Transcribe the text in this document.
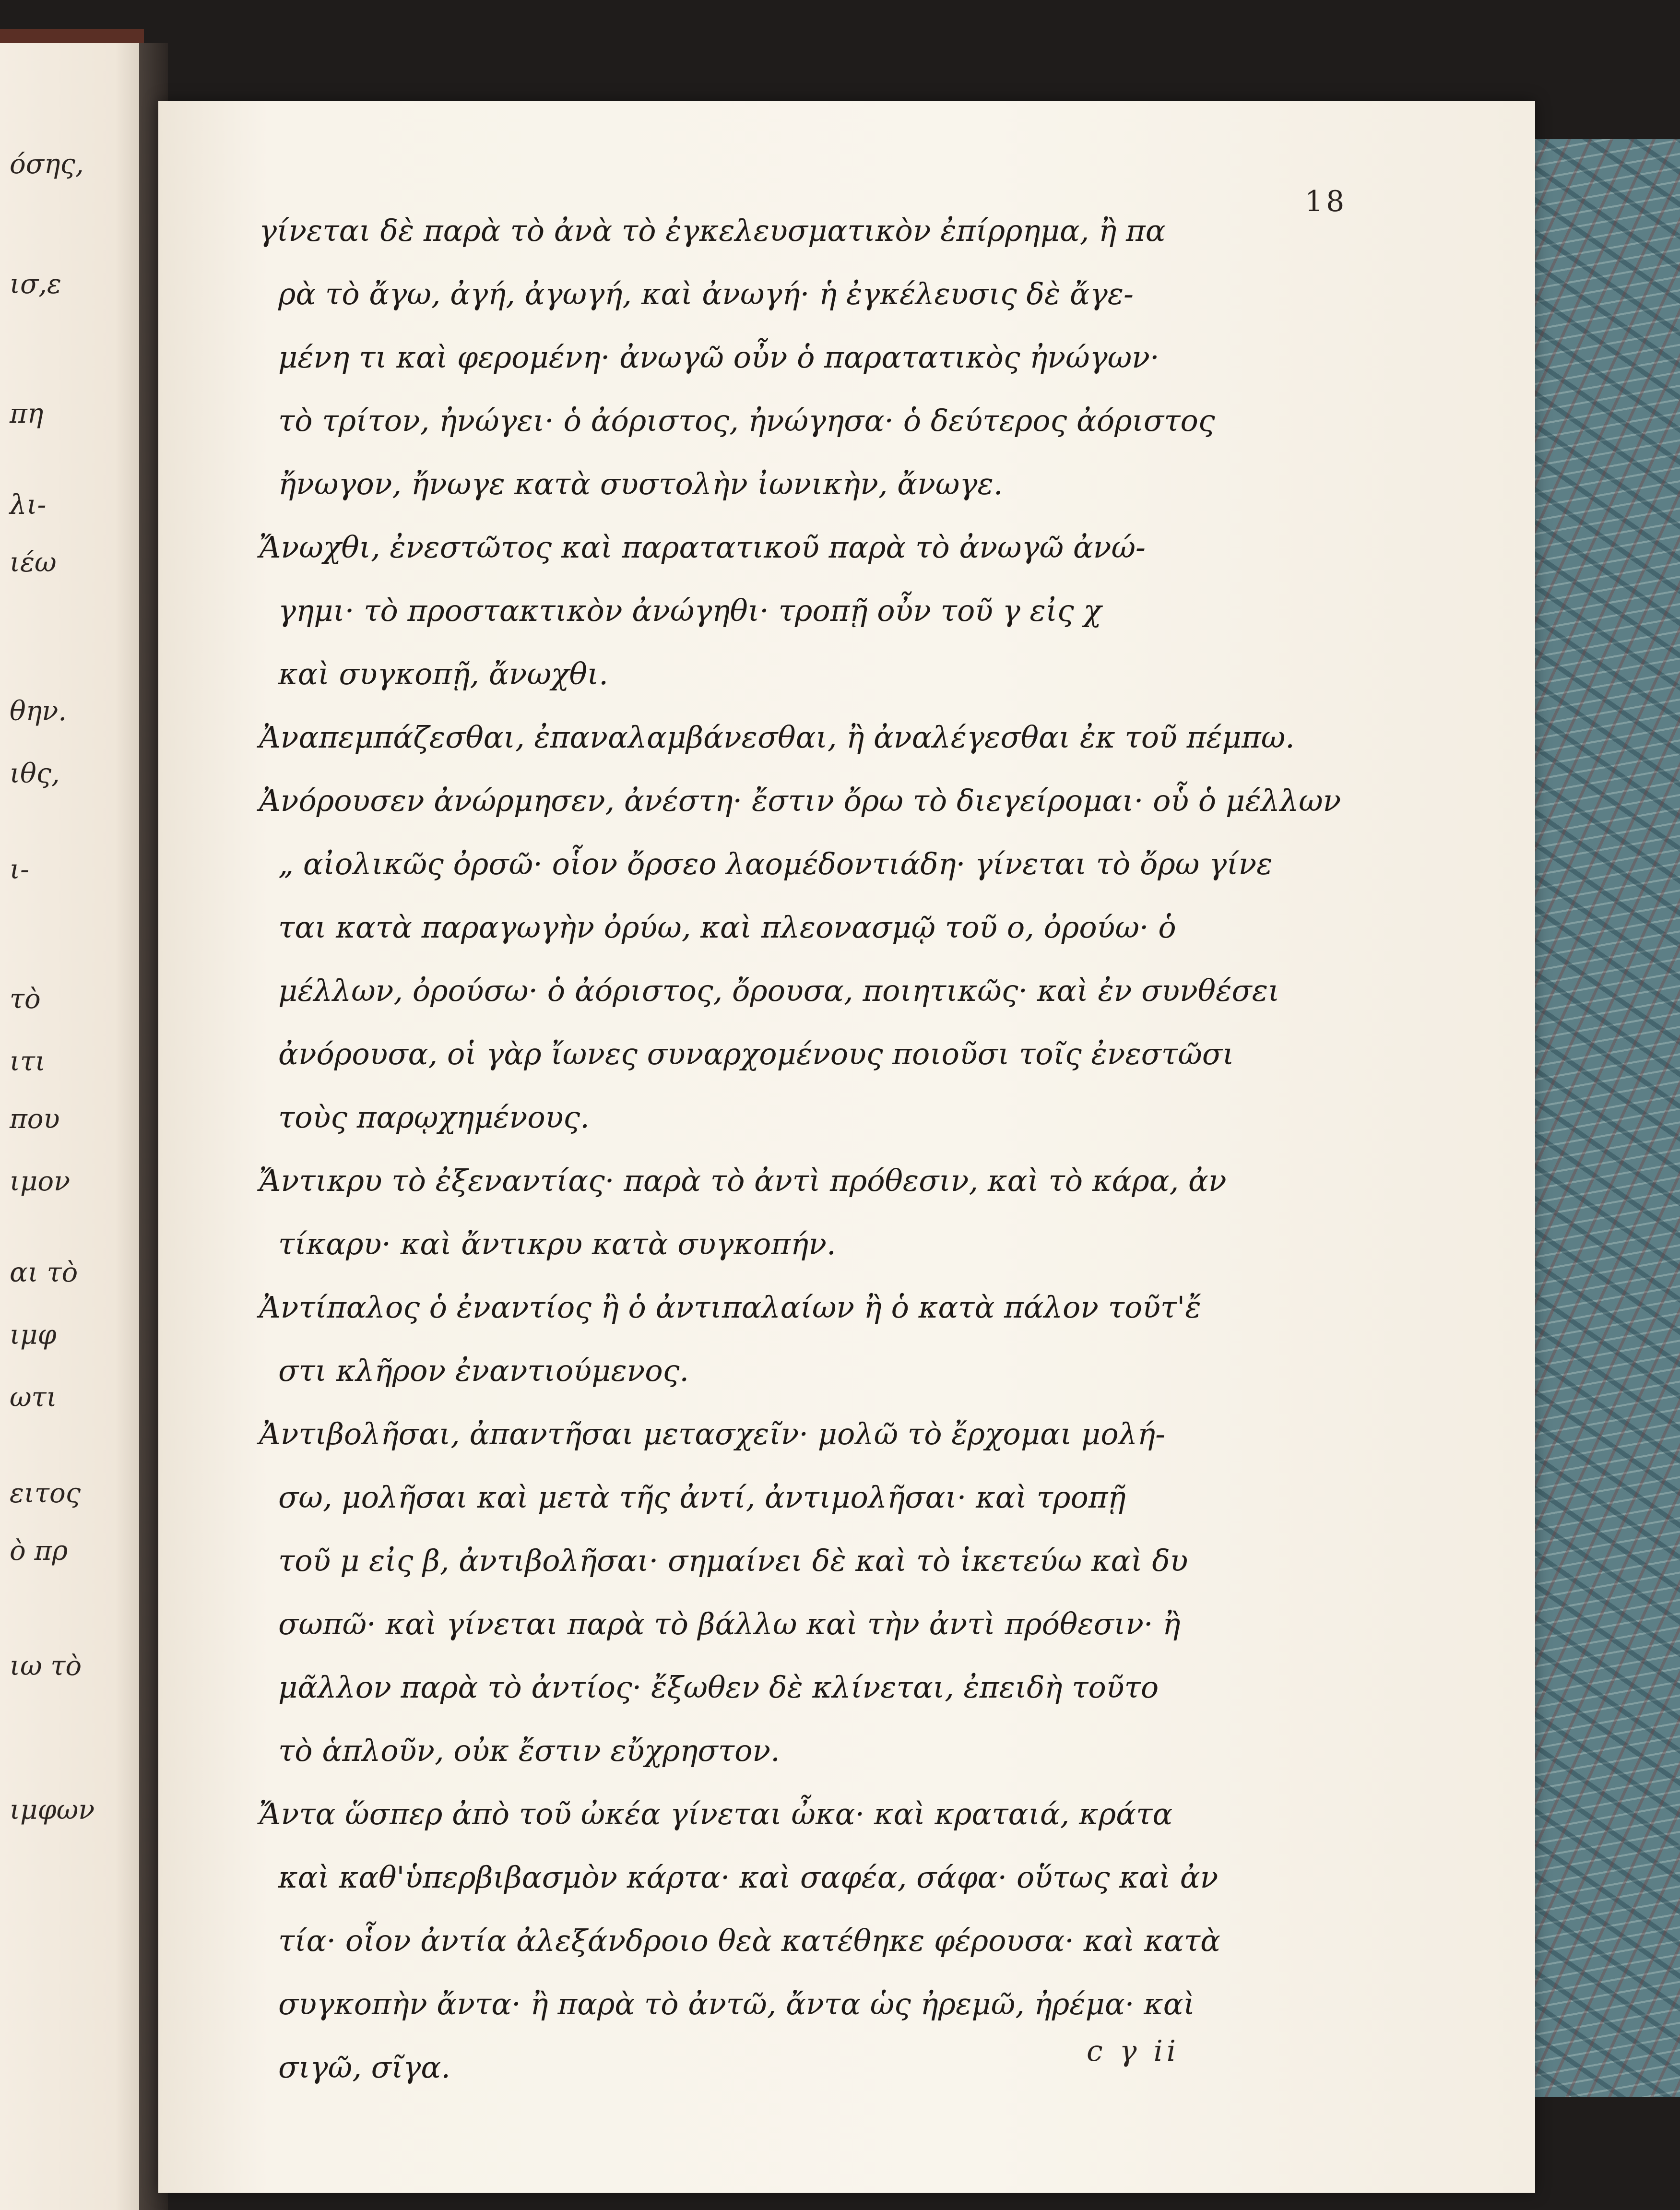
όσης,
ισ,ε
πη
λι-
ιέω
θην.
ιθς,
ι-
τὸ
ιτι
που
ιμον
αι τὸ
ιμφ
ωτι
ειτος
ὸ πρ
ιω τὸ
ιμφων
18
γίνεται δὲ παρὰ τὸ ἀνὰ τὸ ἐγκελευσματικὸν ἐπίρρημα, ἢ πα
ρὰ τὸ ἄγω, ἀγή, ἀγωγή, καὶ ἀνωγή· ἡ ἐγκέλευσις δὲ ἄγε-
μένη τι καὶ φερομένη· ἀνωγῶ οὖν ὁ παρατατικὸς ἠνώγων·
τὸ τρίτον, ἠνώγει· ὁ ἀόριστος, ἠνώγησα· ὁ δεύτερος ἀόριστος
ἤνωγον, ἤνωγε κατὰ συστολὴν ἰωνικὴν, ἄνωγε.
Ἄνωχθι, ἐνεστῶτος καὶ παρατατικοῦ παρὰ τὸ ἀνωγῶ ἀνώ-
γημι· τὸ προστακτικὸν ἀνώγηθι· τροπῇ οὖν τοῦ γ εἰς χ
καὶ συγκοπῇ, ἄνωχθι.
Ἀναπεμπάζεσθαι, ἐπαναλαμβάνεσθαι, ἢ ἀναλέγεσθαι ἐκ τοῦ πέμπω.
Ἀνόρουσεν ἀνώρμησεν, ἀνέστη· ἔστιν ὄρω τὸ διεγείρομαι· οὗ ὁ μέλλων
„ αἰολικῶς ὀρσῶ· οἷον ὄρσεο λαομέδοντιάδη· γίνεται τὸ ὄρω γίνε
ται κατὰ παραγωγὴν ὀρύω, καὶ πλεονασμῷ τοῦ ο, ὀρούω· ὁ
μέλλων, ὀρούσω· ὁ ἀόριστος, ὄρουσα, ποιητικῶς· καὶ ἐν συνθέσει
ἀνόρουσα, οἱ γὰρ ἴωνες συναρχομένους ποιοῦσι τοῖς ἐνεστῶσι
τοὺς παρῳχημένους.
Ἄντικρυ τὸ ἐξεναντίας· παρὰ τὸ ἀντὶ πρόθεσιν, καὶ τὸ κάρα, ἀν
τίκαρυ· καὶ ἄντικρυ κατὰ συγκοπήν.
Ἀντίπαλος ὁ ἐναντίος ἢ ὁ ἀντιπαλαίων ἢ ὁ κατὰ πάλον τοῦτ'ἔ
στι κλῆρον ἐναντιούμενος.
Ἀντιβολῆσαι, ἀπαντῆσαι μετασχεῖν· μολῶ τὸ ἔρχομαι μολή-
σω, μολῆσαι καὶ μετὰ τῆς ἀντί, ἀντιμολῆσαι· καὶ τροπῇ
τοῦ μ εἰς β, ἀντιβολῆσαι· σημαίνει δὲ καὶ τὸ ἱκετεύω καὶ δυ
σωπῶ· καὶ γίνεται παρὰ τὸ βάλλω καὶ τὴν ἀντὶ πρόθεσιν· ἢ
μᾶλλον παρὰ τὸ ἀντίος· ἔξωθεν δὲ κλίνεται, ἐπειδὴ τοῦτο
τὸ ἁπλοῦν, οὐκ ἔστιν εὔχρηστον.
Ἄντα ὥσπερ ἀπὸ τοῦ ὠκέα γίνεται ὦκα· καὶ κραταιά, κράτα
καὶ καθ'ὑπερβιβασμὸν κάρτα· καὶ σαφέα, σάφα· οὕτως καὶ ἀν
τία· οἷον ἀντία ἀλεξάνδροιο θεὰ κατέθηκε φέρουσα· καὶ κατὰ
συγκοπὴν ἄντα· ἢ παρὰ τὸ ἀντῶ, ἄντα ὡς ἠρεμῶ, ἠρέμα· καὶ
σιγῶ, σῖγα.	c γ ii
